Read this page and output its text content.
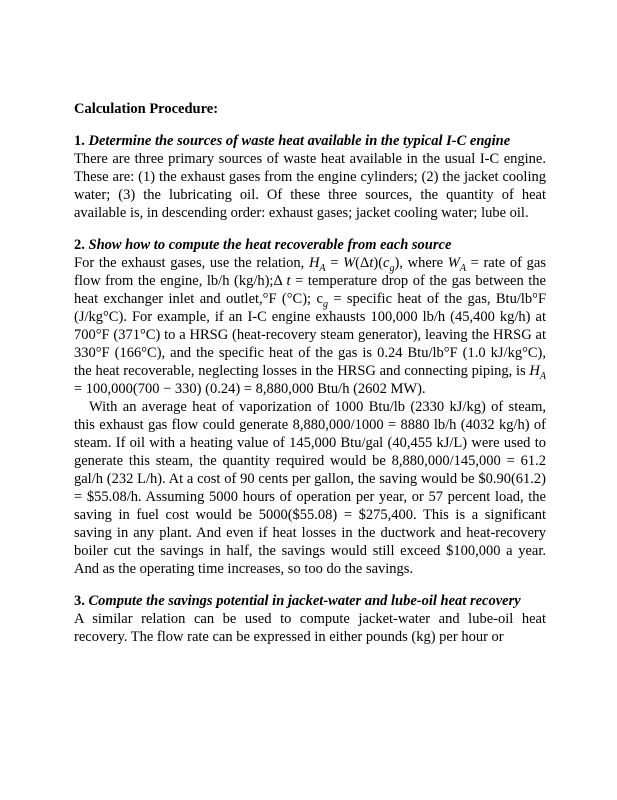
Calculation Procedure:

1. Determine the sources of waste heat available in the typical I-C engine

There are three primary sources of waste heat available in the usual I-C engine. These are: (1) the exhaust gases from the engine cylinders; (2) the jacket cooling water; (3) the lubricating oil. Of these three sources, the quantity of heat available is, in descending order: exhaust gases; jacket cooling water; lube oil.

2. Show how to compute the heat recoverable from each source

For the exhaust gases, use the relation, $H_A = W(\Delta t)(c_g)$, where $W_A$ = rate of gas flow from the engine, lb/h (kg/h);Δ t = temperature drop of the gas between the heat exchanger inlet and outlet,°F (°C); $c_g$ = specific heat of the gas, Btu/lb°F (J/kg°C). For example, if an I-C engine exhausts 100,000 lb/h (45,400 kg/h) at 700°F (371°C) to a HRSG (heat-recovery steam generator), leaving the HRSG at 330°F (166°C), and the specific heat of the gas is 0.24 Btu/lb°F (1.0 kJ/kg°C), the heat recoverable, neglecting losses in the HRSG and connecting piping, is $H_A = 100,000(700 - 330) (0.24) = 8,880,000$ Btu/h (2602 MW).

With an average heat of vaporization of 1000 Btu/lb (2330 kJ/kg) of steam, this exhaust gas flow could generate 8,880,000/1000 = 8880 lb/h (4032 kg/h) of steam. If oil with a heating value of 145,000 Btu/gal (40,455 kJ/L) were used to generate this steam, the quantity required would be 8,880,000/145,000 = 61.2 gal/h (232 L/h). At a cost of 90 cents per gallon, the saving would be $0.90(61.2) = $55.08/h. Assuming 5000 hours of operation per year, or 57 percent load, the saving in fuel cost would be 5000($55.08) = $275,400. This is a significant saving in any plant. And even if heat losses in the ductwork and heat-recovery boiler cut the savings in half, the savings would still exceed $100,000 a year. And as the operating time increases, so too do the savings.

3. Compute the savings potential in jacket-water and lube-oil heat recovery

A similar relation can be used to compute jacket-water and lube-oil heat recovery. The flow rate can be expressed in either pounds (kg) per hour or
